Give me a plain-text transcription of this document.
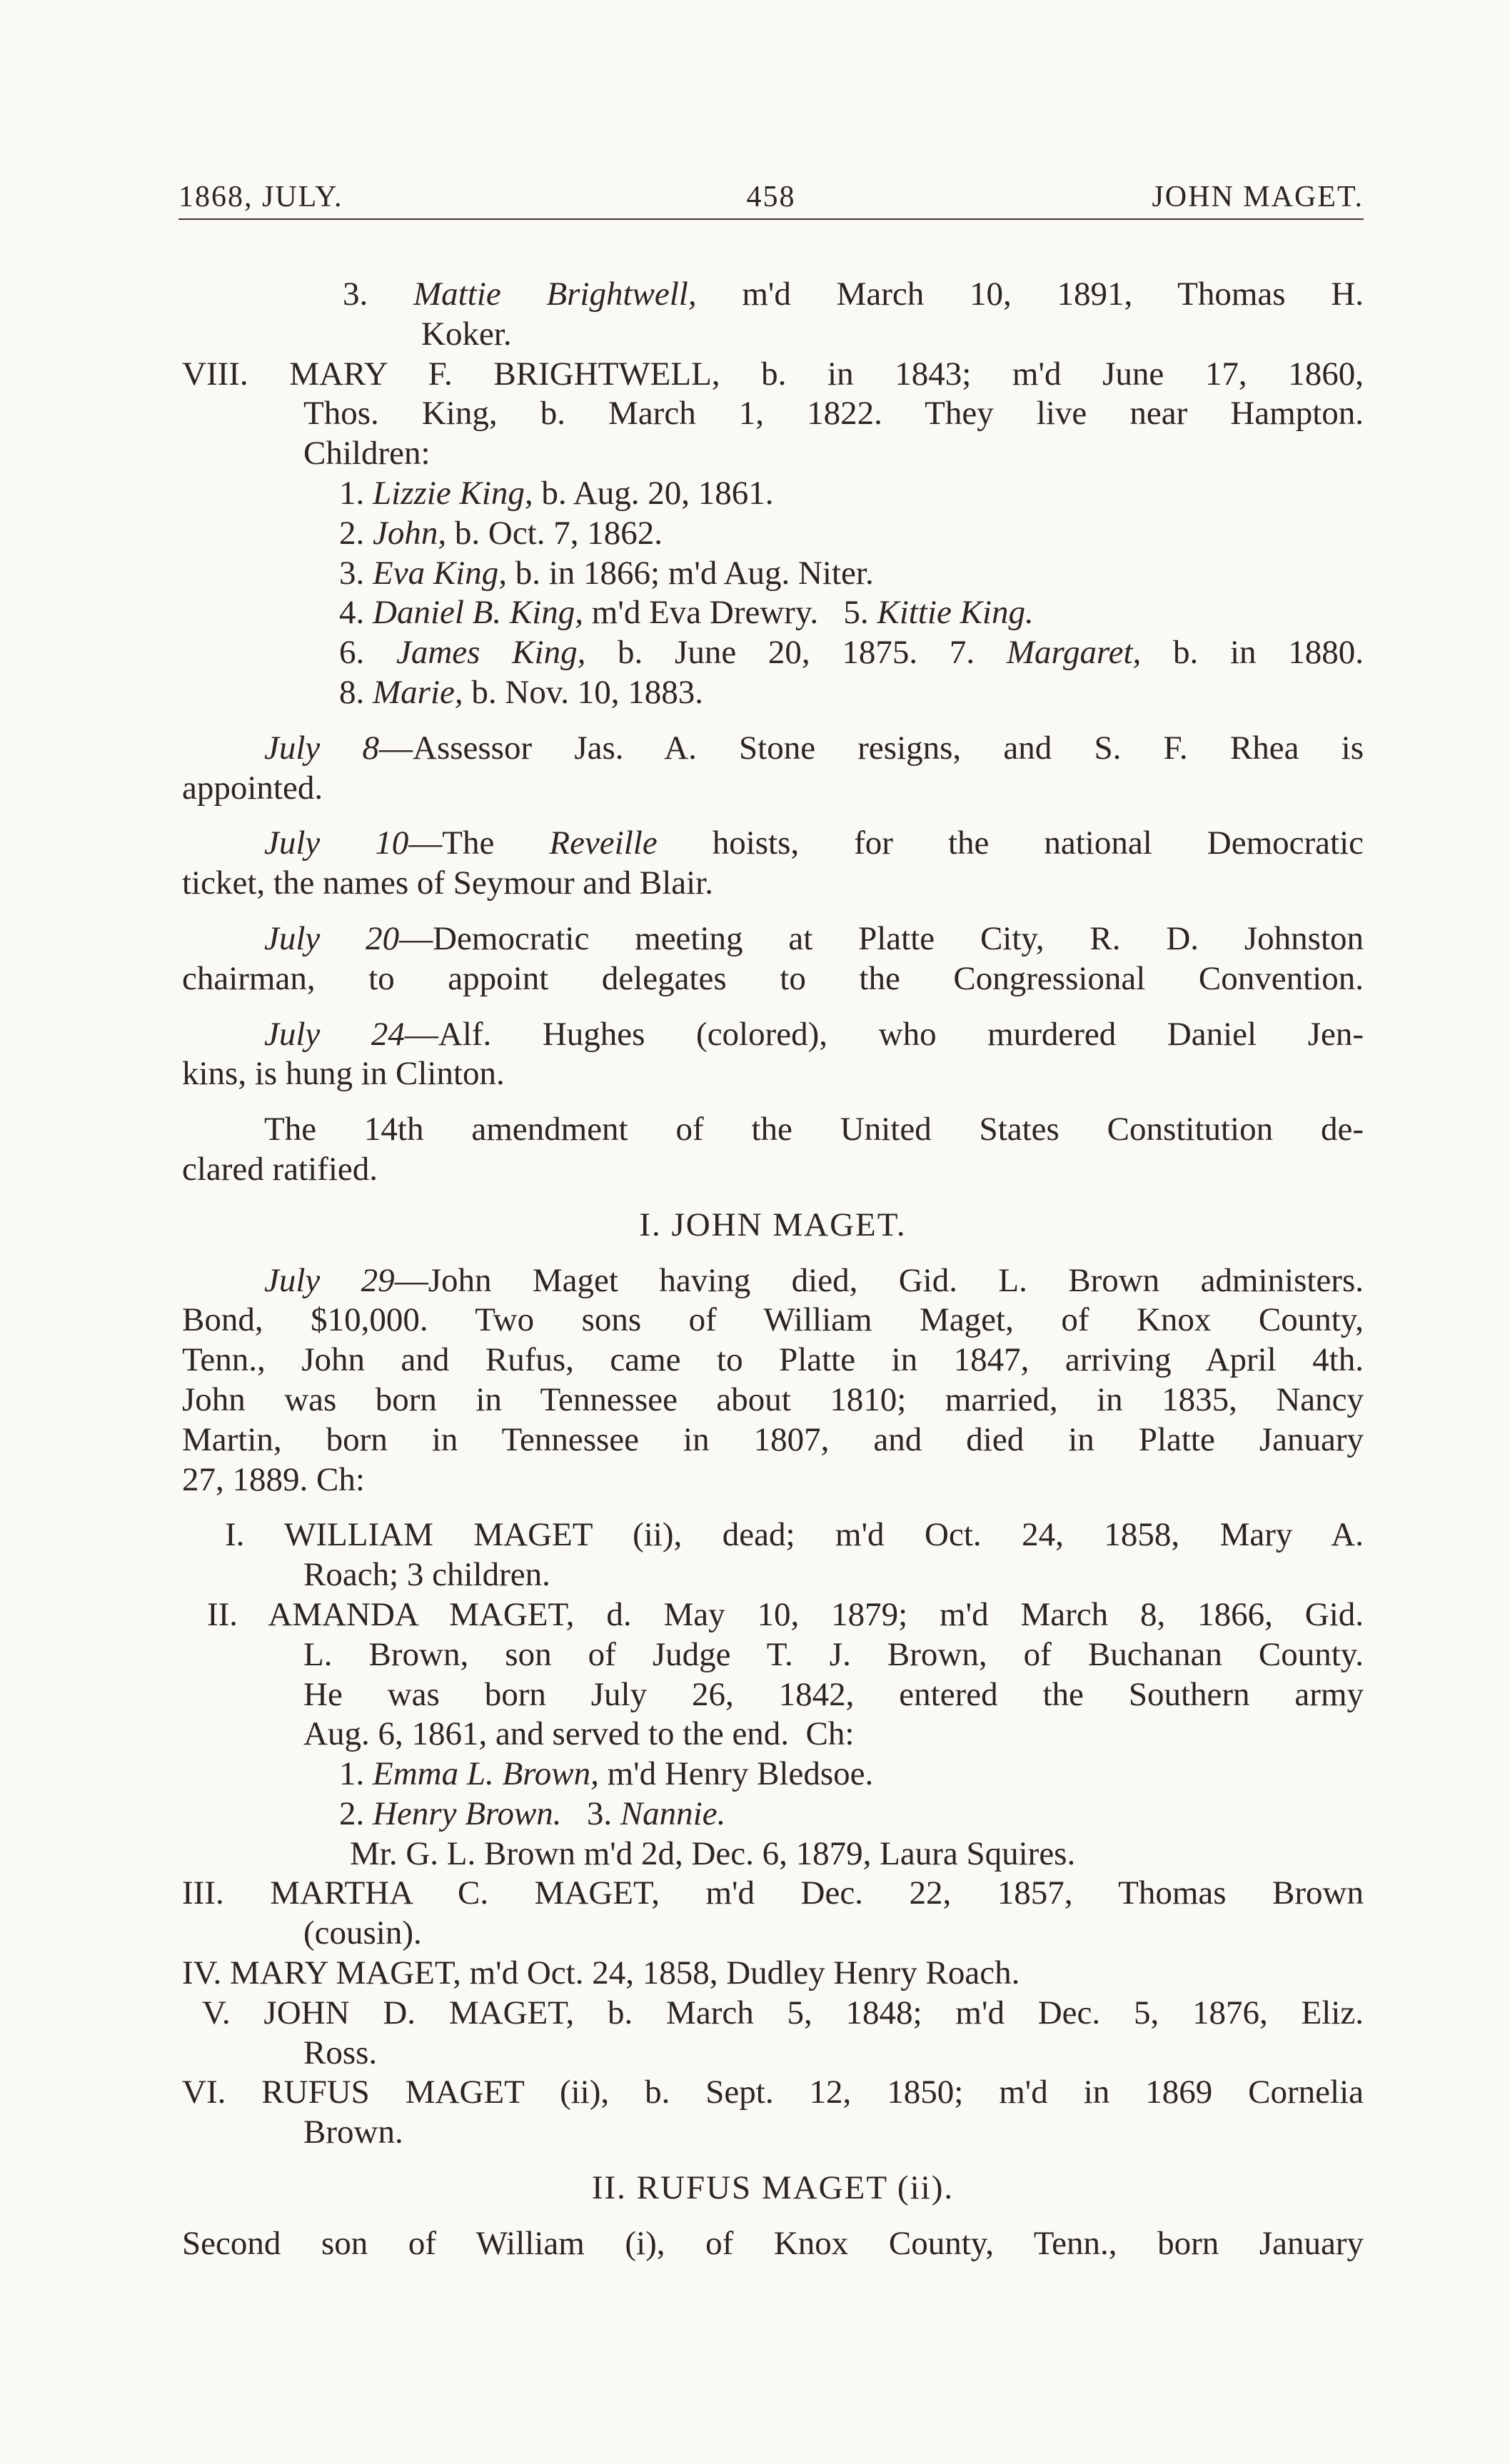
1868, JULY.	458	JOHN MAGET.
3. Mattie Brightwell, m'd March 10, 1891, Thomas H.
Koker.
VIII. MARY F. BRIGHTWELL, b. in 1843; m'd June 17, 1860,
Thos. King, b. March 1, 1822. They live near Hampton.
Children:
1. Lizzie King, b. Aug. 20, 1861.
2. John, b. Oct. 7, 1862.
3. Eva King, b. in 1866; m'd Aug. Niter.
4. Daniel B. King, m'd Eva Drewry.   5. Kittie King.
6. James King, b. June 20, 1875. 7. Margaret, b. in 1880.
8. Marie, b. Nov. 10, 1883.
July 8—Assessor Jas. A. Stone resigns, and S. F. Rhea is
appointed.
July 10—The Reveille hoists, for the national Democratic
ticket, the names of Seymour and Blair.
July 20—Democratic meeting at Platte City, R. D. Johnston
chairman, to appoint delegates to the Congressional Convention.
July 24—Alf. Hughes (colored), who murdered Daniel Jen-
kins, is hung in Clinton.
The 14th amendment of the United States Constitution de-
clared ratified.
I. JOHN MAGET.
July 29—John Maget having died, Gid. L. Brown administers.
Bond, $10,000. Two sons of William Maget, of Knox County,
Tenn., John and Rufus, came to Platte in 1847, arriving April 4th.
John was born in Tennessee about 1810; married, in 1835, Nancy
Martin, born in Tennessee in 1807, and died in Platte January
27, 1889. Ch:
I. WILLIAM MAGET (ii), dead; m'd Oct. 24, 1858, Mary A.
Roach; 3 children.
II. AMANDA MAGET, d. May 10, 1879; m'd March 8, 1866, Gid.
L. Brown, son of Judge T. J. Brown, of Buchanan County.
He was born July 26, 1842, entered the Southern army
Aug. 6, 1861, and served to the end.  Ch:
1. Emma L. Brown, m'd Henry Bledsoe.
2. Henry Brown.   3. Nannie.
Mr. G. L. Brown m'd 2d, Dec. 6, 1879, Laura Squires.
III. MARTHA C. MAGET, m'd Dec. 22, 1857, Thomas Brown
(cousin).
IV. MARY MAGET, m'd Oct. 24, 1858, Dudley Henry Roach.
V. JOHN D. MAGET, b. March 5, 1848; m'd Dec. 5, 1876, Eliz.
Ross.
VI. RUFUS MAGET (ii), b. Sept. 12, 1850; m'd in 1869 Cornelia
Brown.
II. RUFUS MAGET (ii).
Second son of William (i), of Knox County, Tenn., born January
